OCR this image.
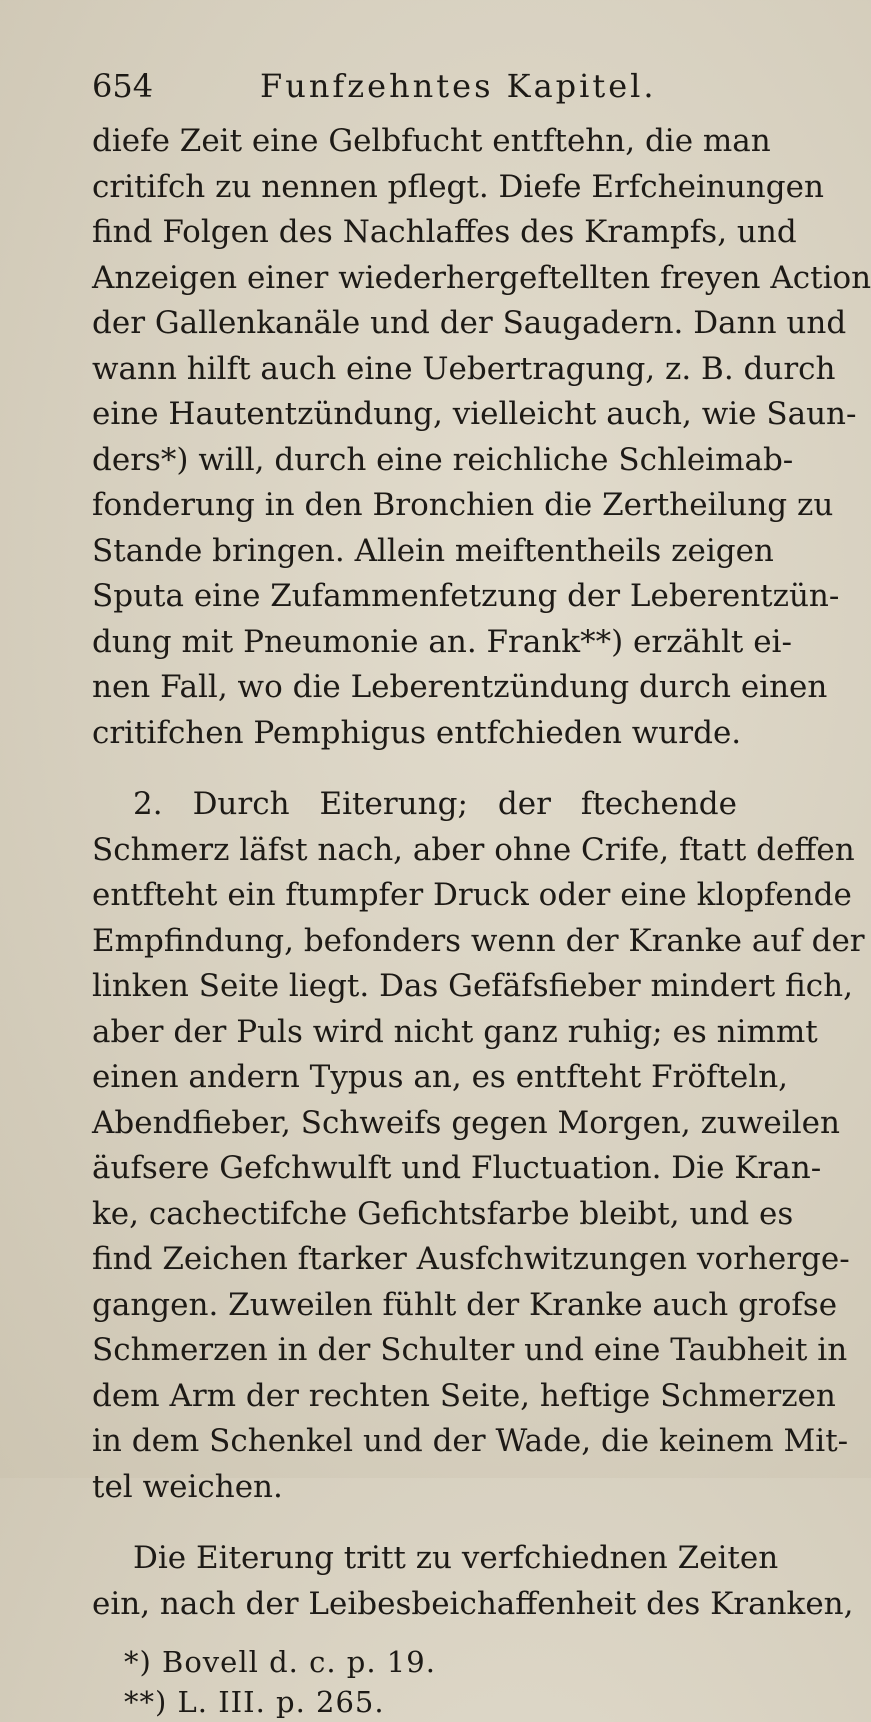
654	Funfzehntes Kapitel.
diefe Zeit eine Gelbfucht entftehn, die man
critifch zu nennen pflegt. Diefe Erfcheinungen
find Folgen des Nachlaffes des Krampfs, und
Anzeigen einer wiederhergeftellten freyen Action
der Gallenkanäle und der Saugadern. Dann und
wann hilft auch eine Uebertragung, z. B. durch
eine Hautentzündung, vielleicht auch, wie Saun-
ders*) will, durch eine reichliche Schleimab-
fonderung in den Bronchien die Zertheilung zu
Stande bringen. Allein meiftentheils zeigen
Sputa eine Zufammenfetzung der Leberentzün-
dung mit Pneumonie an. Frank**) erzählt ei-
nen Fall, wo die Leberentzündung durch einen
critifchen Pemphigus entfchieden wurde.
2. Durch Eiterung; der ftechende
Schmerz läfst nach, aber ohne Crife, ftatt deffen
entfteht ein ftumpfer Druck oder eine klopfende
Empfindung, befonders wenn der Kranke auf der
linken Seite liegt. Das Gefäfsfieber mindert fich,
aber der Puls wird nicht ganz ruhig; es nimmt
einen andern Typus an, es entfteht Fröfteln,
Abendfieber, Schweifs gegen Morgen, zuweilen
äufsere Gefchwulft und Fluctuation. Die Kran-
ke, cachectifche Gefichtsfarbe bleibt, und es
find Zeichen ftarker Ausfchwitzungen vorherge-
gangen. Zuweilen fühlt der Kranke auch grofse
Schmerzen in der Schulter und eine Taubheit in
dem Arm der rechten Seite, heftige Schmerzen
in dem Schenkel und der Wade, die keinem Mit-
tel weichen.
Die Eiterung tritt zu verfchiednen Zeiten
ein, nach der Leibesbeichaffenheit des Kranken,
*) Bovell d. c. p. 19.
**) L. III. p. 265.
